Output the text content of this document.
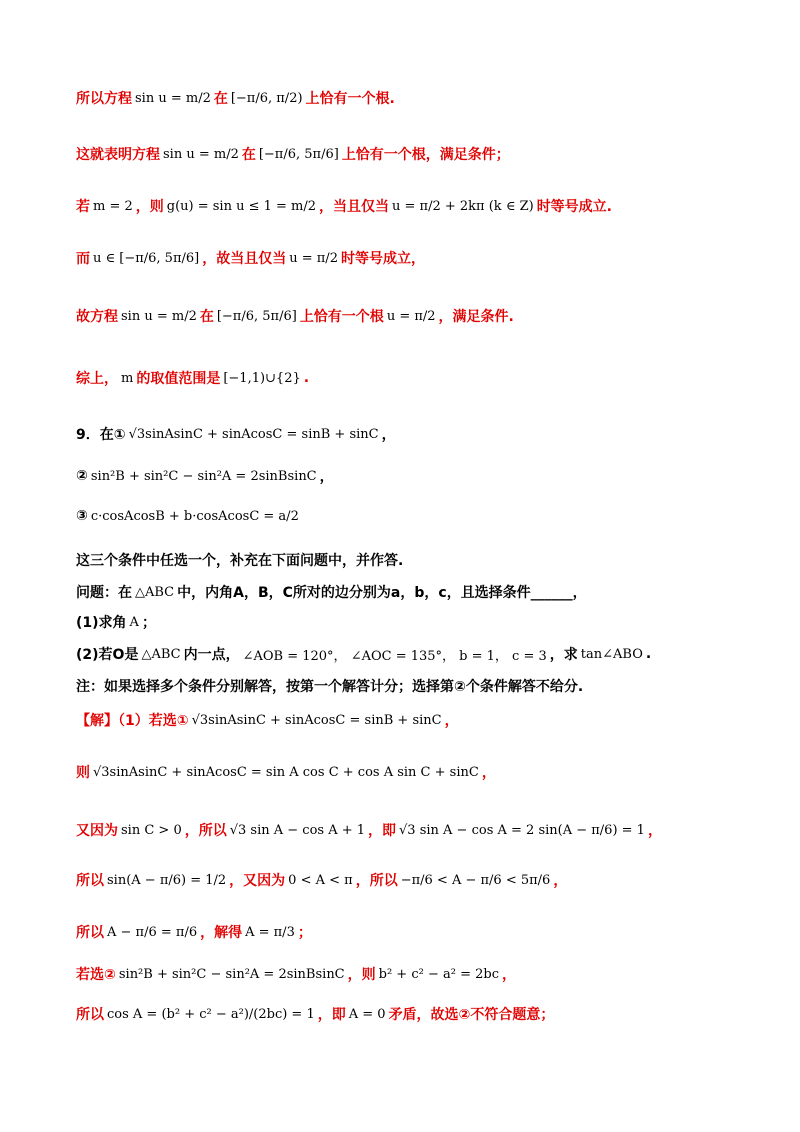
所以方程 sin u = m/2 在 [−π/6, π/2) 上恰有一个根.
这就表明方程 sin u = m/2 在 [−π/6, 5π/6] 上恰有一个根，满足条件；
若 m = 2 ，则 g(u) = sin u ≤ 1 = m/2 ，当且仅当 u = π/2 + 2kπ (k ∈ Z) 时等号成立.
而 u ∈ [−π/6, 5π/6] ，故当且仅当 u = π/2 时等号成立，
故方程 sin u = m/2 在 [−π/6, 5π/6] 上恰有一个根 u = π/2 ，满足条件.
综上， m 的取值范围是 [−1,1)∪{2} .
9．在① √3sinAsinC + sinAcosC = sinB + sinC ，
② sin²B + sin²C − sin²A = 2sinBsinC ，
③ c·cosAcosB + b·cosAcosC = a/2
这三个条件中任选一个，补充在下面问题中，并作答.
问题：在 △ABC 中，内角A，B，C所对的边分别为a，b，c，且选择条件______，
(1)求角 A ；
(2)若O是 △ABC 内一点， ∠AOB = 120°， ∠AOC = 135°， b = 1， c = 3 ，求 tan∠ABO .
注：如果选择多个条件分别解答，按第一个解答计分；选择第②个条件解答不给分.
【解】（1）若选① √3sinAsinC + sinAcosC = sinB + sinC ，
则 √3sinAsinC + sinAcosC = sin A cos C + cos A sin C + sinC ，
又因为 sin C > 0 ，所以 √3 sin A − cos A + 1 ，即 √3 sin A − cos A = 2 sin(A − π/6) = 1 ，
所以 sin(A − π/6) = 1/2 ，又因为 0 < A < π ，所以 −π/6 < A − π/6 < 5π/6 ，
所以 A − π/6 = π/6 ，解得 A = π/3 ；
若选② sin²B + sin²C − sin²A = 2sinBsinC ，则 b² + c² − a² = 2bc ，
所以 cos A = (b² + c² − a²)/(2bc) = 1 ，即 A = 0 矛盾，故选②不符合题意；
